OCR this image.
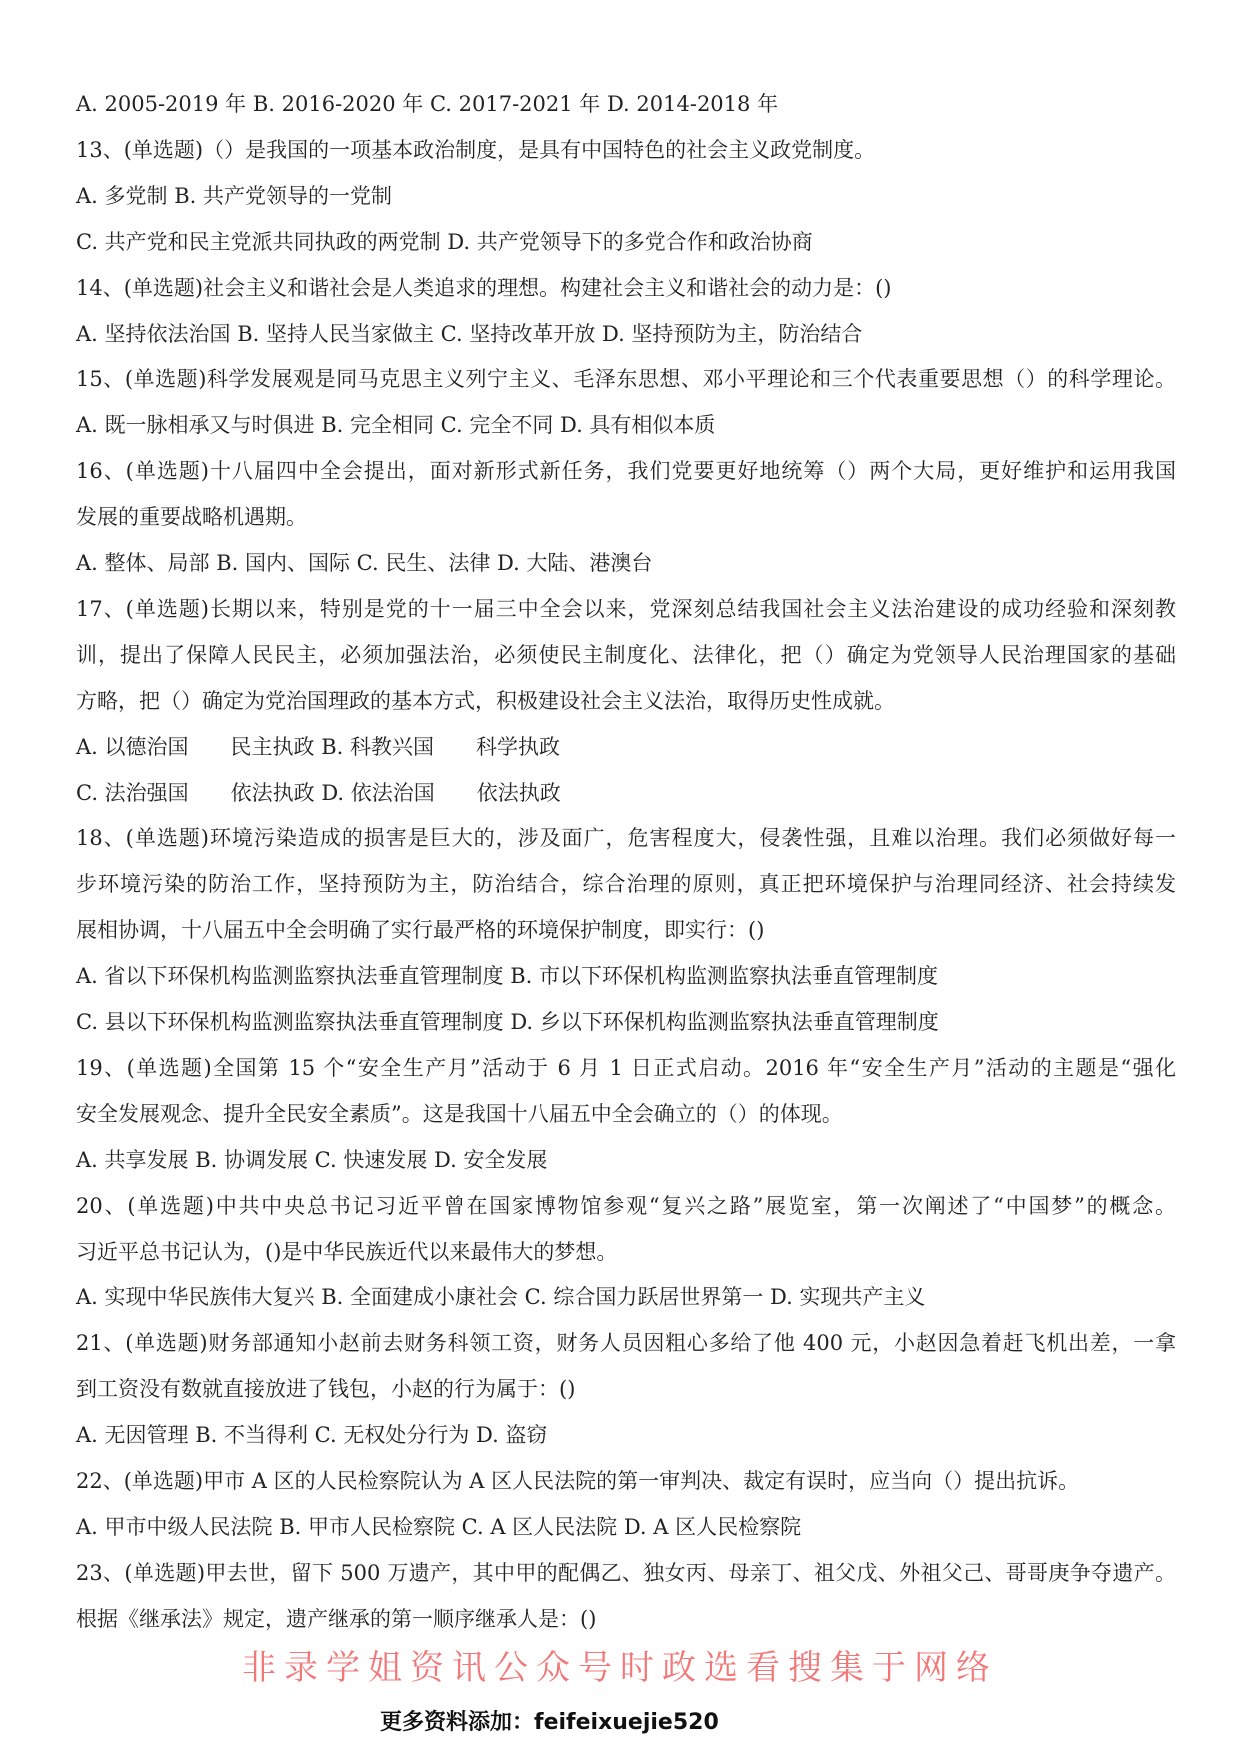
A. 2005-2019 年 B. 2016-2020 年 C. 2017-2021 年 D. 2014-2018 年
13、(单选题)（）是我国的一项基本政治制度，是具有中国特色的社会主义政党制度。
A. 多党制 B. 共产党领导的一党制
C. 共产党和民主党派共同执政的两党制 D. 共产党领导下的多党合作和政治协商
14、(单选题)社会主义和谐社会是人类追求的理想。构建社会主义和谐社会的动力是：()
A. 坚持依法治国 B. 坚持人民当家做主 C. 坚持改革开放 D. 坚持预防为主，防治结合
15、(单选题)科学发展观是同马克思主义列宁主义、毛泽东思想、邓小平理论和三个代表重要思想（）的科学理论。
A. 既一脉相承又与时俱进 B. 完全相同 C. 完全不同 D. 具有相似本质
16、(单选题)十八届四中全会提出，面对新形式新任务，我们党要更好地统筹（）两个大局，更好维护和运用我国
发展的重要战略机遇期。
A. 整体、局部 B. 国内、国际 C. 民生、法律 D. 大陆、港澳台
17、(单选题)长期以来，特别是党的十一届三中全会以来，党深刻总结我国社会主义法治建设的成功经验和深刻教
训，提出了保障人民民主，必须加强法治，必须使民主制度化、法律化，把（）确定为党领导人民治理国家的基础
方略，把（）确定为党治国理政的基本方式，积极建设社会主义法治，取得历史性成就。
A. 以德治国　　民主执政 B. 科教兴国　　科学执政
C. 法治强国　　依法执政 D. 依法治国　　依法执政
18、(单选题)环境污染造成的损害是巨大的，涉及面广，危害程度大，侵袭性强，且难以治理。我们必须做好每一
步环境污染的防治工作，坚持预防为主，防治结合，综合治理的原则，真正把环境保护与治理同经济、社会持续发
展相协调，十八届五中全会明确了实行最严格的环境保护制度，即实行：()
A. 省以下环保机构监测监察执法垂直管理制度 B. 市以下环保机构监测监察执法垂直管理制度
C. 县以下环保机构监测监察执法垂直管理制度 D. 乡以下环保机构监测监察执法垂直管理制度
19、(单选题)全国第 15 个“安全生产月”活动于 6 月 1 日正式启动。2016 年“安全生产月”活动的主题是“强化
安全发展观念、提升全民安全素质”。这是我国十八届五中全会确立的（）的体现。
A. 共享发展 B. 协调发展 C. 快速发展 D. 安全发展
20、(单选题)中共中央总书记习近平曾在国家博物馆参观“复兴之路”展览室，第一次阐述了“中国梦”的概念。
习近平总书记认为，()是中华民族近代以来最伟大的梦想。
A. 实现中华民族伟大复兴 B. 全面建成小康社会 C. 综合国力跃居世界第一 D. 实现共产主义
21、(单选题)财务部通知小赵前去财务科领工资，财务人员因粗心多给了他 400 元，小赵因急着赶飞机出差，一拿
到工资没有数就直接放进了钱包，小赵的行为属于：()
A. 无因管理 B. 不当得利 C. 无权处分行为 D. 盗窃
22、(单选题)甲市 A 区的人民检察院认为 A 区人民法院的第一审判决、裁定有误时，应当向（）提出抗诉。
A. 甲市中级人民法院 B. 甲市人民检察院 C. A 区人民法院 D. A 区人民检察院
23、(单选题)甲去世，留下 500 万遗产，其中甲的配偶乙、独女丙、母亲丁、祖父戊、外祖父己、哥哥庚争夺遗产。
根据《继承法》规定，遗产继承的第一顺序继承人是：()
非录学姐资讯公众号时政选看搜集于网络
更多资料添加：feifeixuejie520
